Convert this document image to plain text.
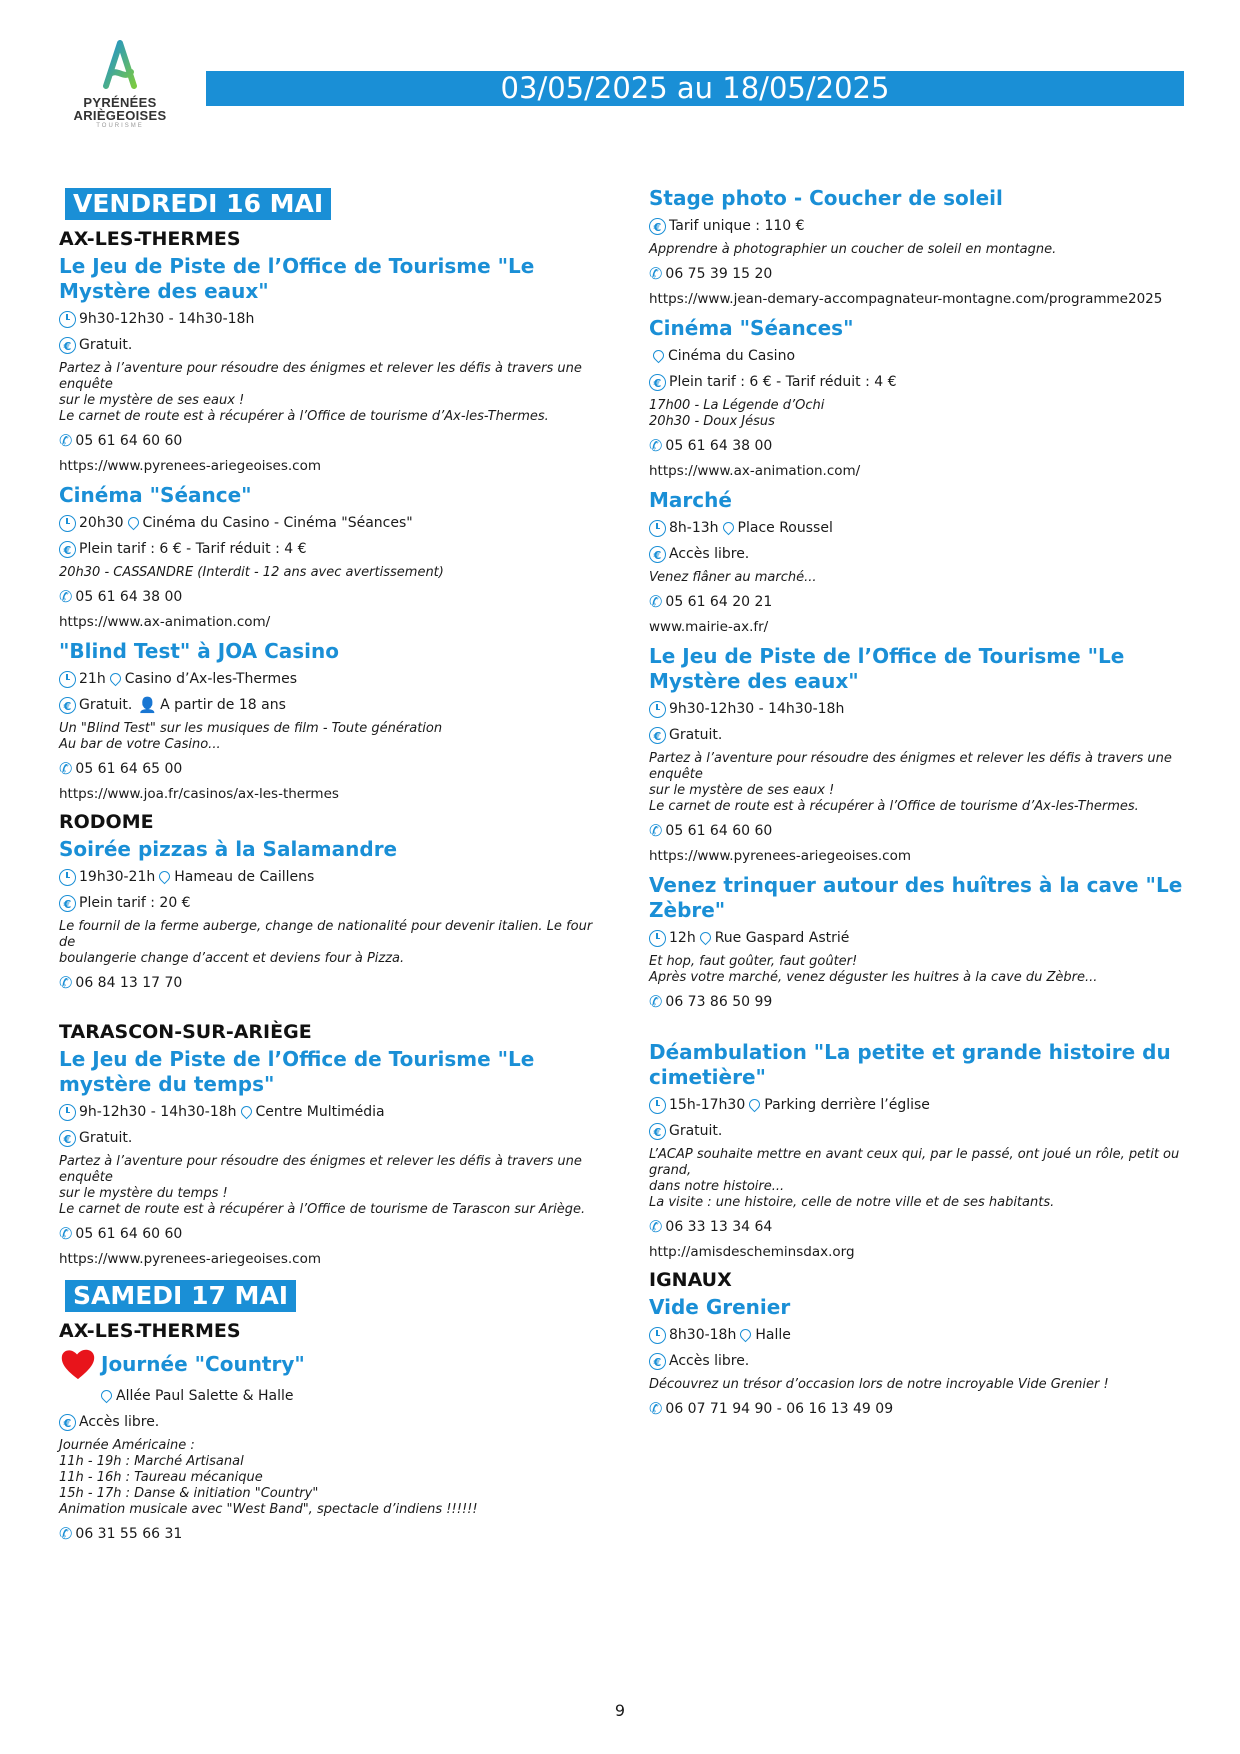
PYRÉNÉES
ARIÈGEOISES
TOURISME
03/05/2025 au 18/05/2025
VENDREDI 16 MAI
AX-LES-THERMES
Le Jeu de Piste de l’Office de Tourisme "Le Mystère des eaux"
9h30-12h30 - 14h30-18h
€ Gratuit.
Partez à l’aventure pour résoudre des énigmes et relever les défis à travers une enquête
sur le mystère de ses eaux !
Le carnet de route est à récupérer à l’Office de tourisme d’Ax-les-Thermes.
✆ 05 61 64 60 60
https://www.pyrenees-ariegeoises.com
Cinéma "Séance"
20h30 Cinéma du Casino - Cinéma "Séances"
€ Plein tarif : 6 € - Tarif réduit : 4 €
20h30 - CASSANDRE (Interdit - 12 ans avec avertissement)
✆ 05 61 64 38 00
https://www.ax-animation.com/
"Blind Test" à JOA Casino
21h Casino d’Ax-les-Thermes
€ Gratuit. 👤 A partir de 18 ans
Un "Blind Test" sur les musiques de film - Toute génération
Au bar de votre Casino...
✆ 05 61 64 65 00
https://www.joa.fr/casinos/ax-les-thermes
RODOME
Soirée pizzas à la Salamandre
19h30-21h Hameau de Caillens
€ Plein tarif : 20 €
Le fournil de la ferme auberge, change de nationalité pour devenir italien. Le four de
boulangerie change d’accent et deviens four à Pizza.
✆ 06 84 13 17 70
TARASCON-SUR-ARIÈGE
Le Jeu de Piste de l’Office de Tourisme "Le mystère du temps"
9h-12h30 - 14h30-18h Centre Multimédia
€ Gratuit.
Partez à l’aventure pour résoudre des énigmes et relever les défis à travers une enquête
sur le mystère du temps !
Le carnet de route est à récupérer à l’Office de tourisme de Tarascon sur Ariège.
✆ 05 61 64 60 60
https://www.pyrenees-ariegeoises.com
SAMEDI 17 MAI
AX-LES-THERMES
Journée "Country"
Allée Paul Salette & Halle
€ Accès libre.
Journée Américaine :
11h - 19h : Marché Artisanal
11h - 16h : Taureau mécanique
15h - 17h : Danse & initiation "Country"
Animation musicale avec "West Band", spectacle d’indiens !!!!!!
✆ 06 31 55 66 31
Stage photo - Coucher de soleil
€ Tarif unique : 110 €
Apprendre à photographier un coucher de soleil en montagne.
✆ 06 75 39 15 20
https://www.jean-demary-accompagnateur-montagne.com/programme2025
Cinéma "Séances"
Cinéma du Casino
€ Plein tarif : 6 € - Tarif réduit : 4 €
17h00 - La Légende d’Ochi
20h30 - Doux Jésus
✆ 05 61 64 38 00
https://www.ax-animation.com/
Marché
8h-13h Place Roussel
€ Accès libre.
Venez flâner au marché...
✆ 05 61 64 20 21
www.mairie-ax.fr/
Le Jeu de Piste de l’Office de Tourisme "Le Mystère des eaux"
9h30-12h30 - 14h30-18h
€ Gratuit.
Partez à l’aventure pour résoudre des énigmes et relever les défis à travers une enquête
sur le mystère de ses eaux !
Le carnet de route est à récupérer à l’Office de tourisme d’Ax-les-Thermes.
✆ 05 61 64 60 60
https://www.pyrenees-ariegeoises.com
Venez trinquer autour des huîtres à la cave "Le Zèbre"
12h Rue Gaspard Astrié
Et hop, faut goûter, faut goûter!
Après votre marché, venez déguster les huitres à la cave du Zèbre...
✆ 06 73 86 50 99
Déambulation "La petite et grande histoire du cimetière"
15h-17h30 Parking derrière l’église
€ Gratuit.
L’ACAP souhaite mettre en avant ceux qui, par le passé, ont joué un rôle, petit ou grand,
dans notre histoire...
La visite : une histoire, celle de notre ville et de ses habitants.
✆ 06 33 13 34 64
http://amisdescheminsdax.org
IGNAUX
Vide Grenier
8h30-18h Halle
€ Accès libre.
Découvrez un trésor d’occasion lors de notre incroyable Vide Grenier !
✆ 06 07 71 94 90 - 06 16 13 49 09
9
